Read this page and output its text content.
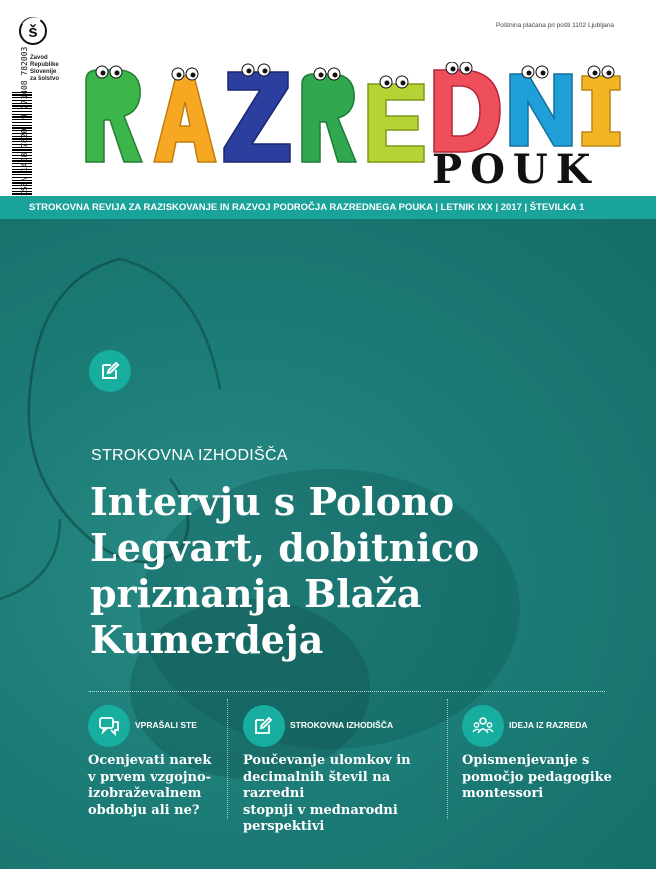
š
Zavod
Republike
Slovenije
za šolstvo
Poštnina plačana pri pošti 1102 Ljubljana
ISSN 1408-7820  9 771408 782003
POUK
STROKOVNA REVIJA ZA RAZISKOVANJE IN RAZVOJ PODROČJA RAZREDNEGA POUKA | LETNIK IXX | 2017 | ŠTEVILKA 1
STROKOVNA IZHODIŠČA
Intervju s Polono
Legvart, dobitnico
priznanja Blaža
Kumerdeja
VPRAŠALI STE
Ocenjevati narek
v prvem vzgojno-
izobraževalnem
obdobju ali ne?
STROKOVNA IZHODIŠČA
Poučevanje ulomkov in
decimalnih števil na razredni
stopnji v mednarodni
perspektivi
IDEJA IZ RAZREDA
Opismenjevanje s
pomočjo pedagogike
montessori
